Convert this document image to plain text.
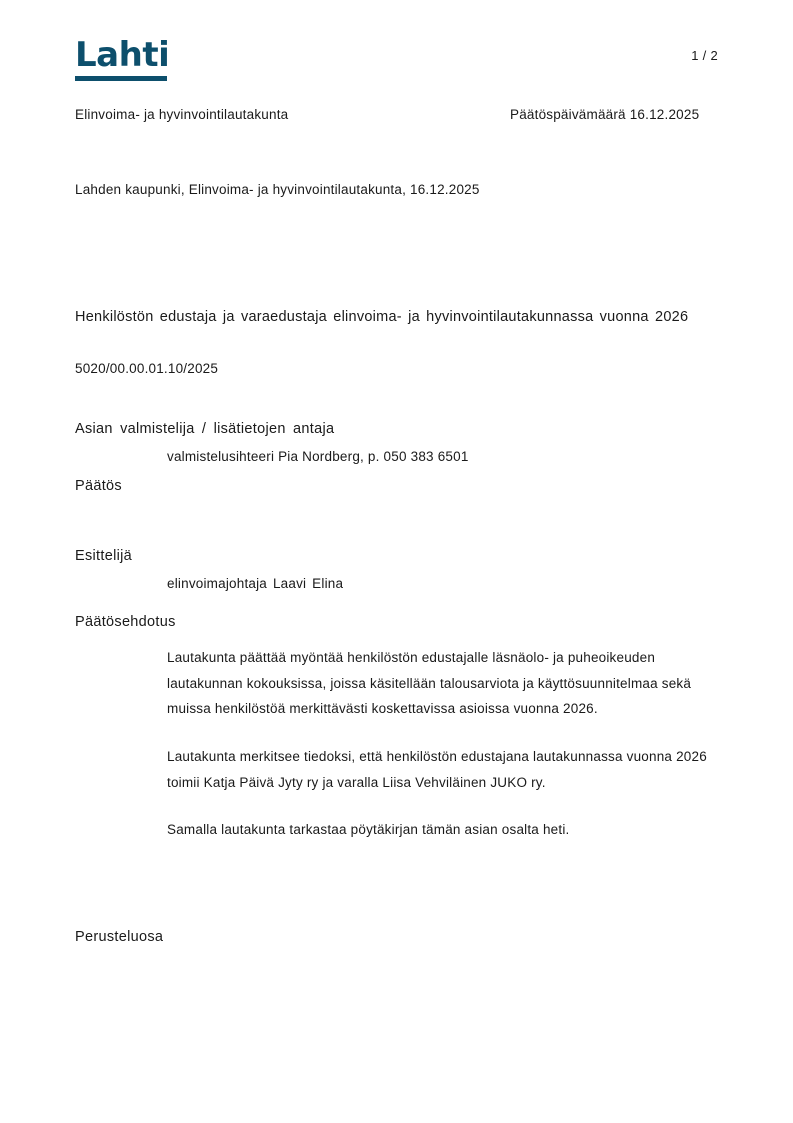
Lahti	1 / 2
Elinvoima- ja hyvinvointilautakunta	Päätöspäivämäärä 16.12.2025
Lahden kaupunki, Elinvoima- ja hyvinvointilautakunta, 16.12.2025
Henkilöstön edustaja ja varaedustaja elinvoima- ja hyvinvointilautakunnassa vuonna 2026
5020/00.00.01.10/2025
Asian valmistelija / lisätietojen antaja
valmistelusihteeri Pia Nordberg, p. 050 383 6501
Päätös
Esittelijä
elinvoimajohtaja Laavi Elina
Päätösehdotus

Lautakunta päättää myöntää henkilöstön edustajalle läsnäolo- ja puheoikeuden lautakunnan kokouksissa, joissa käsitellään talousarviota ja käyttösuunnitelmaa sekä muissa henkilöstöä merkittävästi koskettavissa asioissa vuonna 2026.

Lautakunta merkitsee tiedoksi, että henkilöstön edustajana lautakunnassa vuonna 2026 toimii Katja Päivä Jyty ry ja varalla Liisa Vehviläinen JUKO ry.

Samalla lautakunta tarkastaa pöytäkirjan tämän asian osalta heti.

Perusteluosa
